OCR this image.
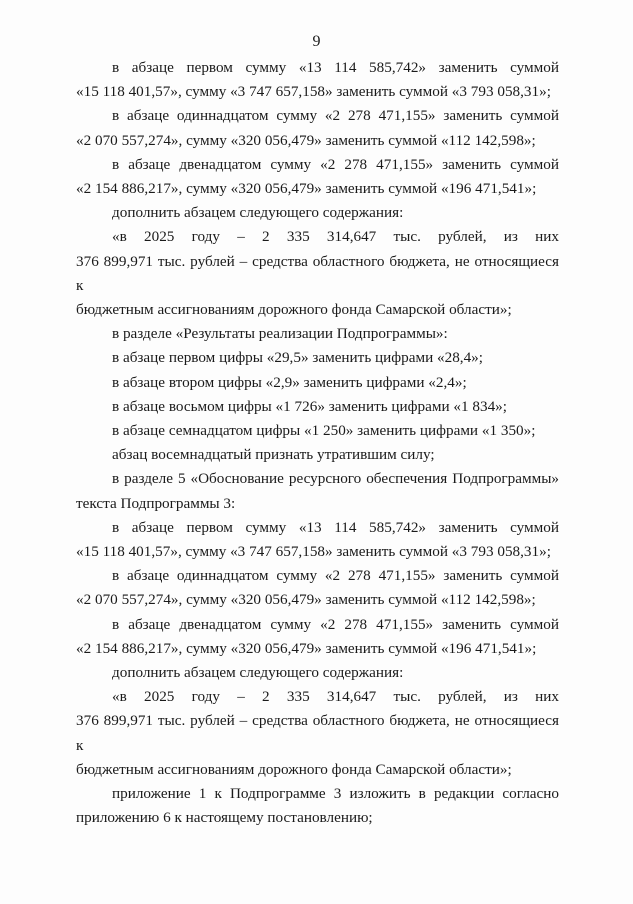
9
в абзаце первом сумму «13 114 585,742» заменить суммой
«15 118 401,57», сумму «3 747 657,158» заменить суммой «3 793 058,31»;
в абзаце одиннадцатом сумму «2 278 471,155» заменить суммой
«2 070 557,274», сумму «320 056,479» заменить суммой «112 142,598»;
в абзаце двенадцатом сумму «2 278 471,155» заменить суммой
«2 154 886,217», сумму «320 056,479» заменить суммой «196 471,541»;
дополнить абзацем следующего содержания:
«в 2025 году – 2 335 314,647 тыс. рублей, из них
376 899,971 тыс. рублей – средства областного бюджета, не относящиеся к
бюджетным ассигнованиям дорожного фонда Самарской области»;
в разделе «Результаты реализации Подпрограммы»:
в абзаце первом цифры «29,5» заменить цифрами «28,4»;
в абзаце втором цифры «2,9» заменить цифрами «2,4»;
в абзаце восьмом цифры «1 726» заменить цифрами «1 834»;
в абзаце семнадцатом цифры «1 250» заменить цифрами «1 350»;
абзац восемнадцатый признать утратившим силу;
в разделе 5 «Обоснование ресурсного обеспечения Подпрограммы»
текста Подпрограммы 3:
в абзаце первом сумму «13 114 585,742» заменить суммой
«15 118 401,57», сумму «3 747 657,158» заменить суммой «3 793 058,31»;
в абзаце одиннадцатом сумму «2 278 471,155» заменить суммой
«2 070 557,274», сумму «320 056,479» заменить суммой «112 142,598»;
в абзаце двенадцатом сумму «2 278 471,155» заменить суммой
«2 154 886,217», сумму «320 056,479» заменить суммой «196 471,541»;
дополнить абзацем следующего содержания:
«в 2025 году – 2 335 314,647 тыс. рублей, из них
376 899,971 тыс. рублей – средства областного бюджета, не относящиеся к
бюджетным ассигнованиям дорожного фонда Самарской области»;
приложение 1 к Подпрограмме 3 изложить в редакции согласно
приложению 6 к настоящему постановлению;
